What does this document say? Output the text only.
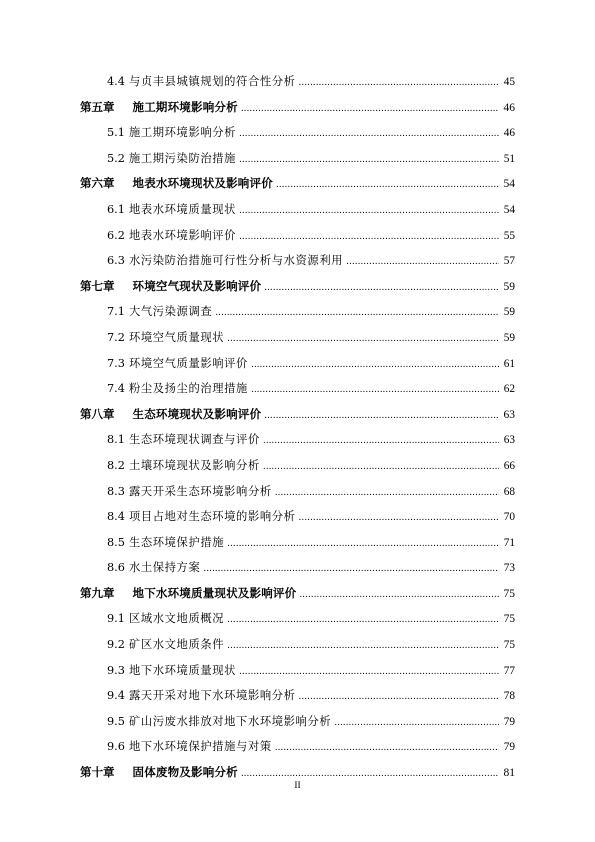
4.4 与贞丰县城镇规划的符合性分析 .....	45
第五章 施工期环境影响分析 .....	46
5.1 施工期环境影响分析 .....	46
5.2 施工期污染防治措施 .....	51
第六章 地表水环境现状及影响评价 .....	54
6.1 地表水环境质量现状 .....	54
6.2 地表水环境影响评价 .....	55
6.3 水污染防治措施可行性分析与水资源利用 .....	57
第七章 环境空气现状及影响评价 .....	59
7.1 大气污染源调查 .....	59
7.2 环境空气质量现状 .....	59
7.3 环境空气质量影响评价 .....	61
7.4 粉尘及扬尘的治理措施 .....	62
第八章 生态环境现状及影响评价 .....	63
8.1 生态环境现状调查与评价 .....	63
8.2 土壤环境现状及影响分析 .....	66
8.3 露天开采生态环境影响分析 .....	68
8.4 项目占地对生态环境的影响分析 .....	70
8.5 生态环境保护措施 .....	71
8.6 水土保持方案 .....	73
第九章 地下水环境质量现状及影响评价 .....	75
9.1 区域水文地质概况 .....	75
9.2 矿区水文地质条件 .....	75
9.3 地下水环境质量现状 .....	77
9.4 露天开采对地下水环境影响分析 .....	78
9.5 矿山污废水排放对地下水环境影响分析 .....	79
9.6 地下水环境保护措施与对策 .....	79
第十章 固体废物及影响分析 .....	81
II
